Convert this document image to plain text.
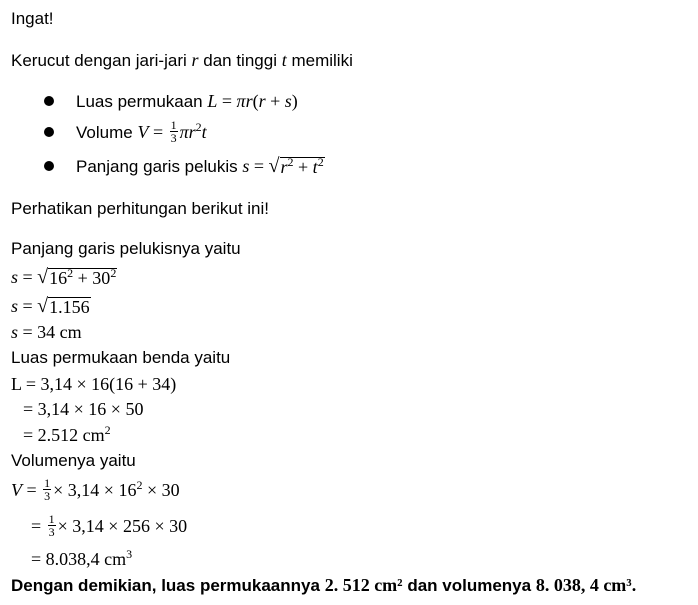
Ingat!
Kerucut dengan jari-jari r dan tinggi t memiliki
Luas permukaan L = πr(r + s)
Volume $V = \frac{1}{3} \pi r^2t$
Panjang garis pelukis s = √ $r^2 + t^2$
Perhatikan perhitungan berikut ini!
Panjang garis pelukisnya yaitu
s = √ $16^2 + 30^2$
s = √ 1.156
s = 34 cm
Luas permukaan benda yaitu
L = 3,14 × 16(16 + 34)
= 3,14 × 16 × 50
= 2.512 $cm^2$
Volumenya yaitu
$V = \frac{1}{3} \times 3,14 \times 16^2 \times 30$
= $\frac{1}{3} \times 3,14 \times 256 \times 30$
= 8.038,4 $cm^3$
Dengan demikian, luas permukaannya 2. 512 cm² dan volumenya 8. 038, 4 cm³.
